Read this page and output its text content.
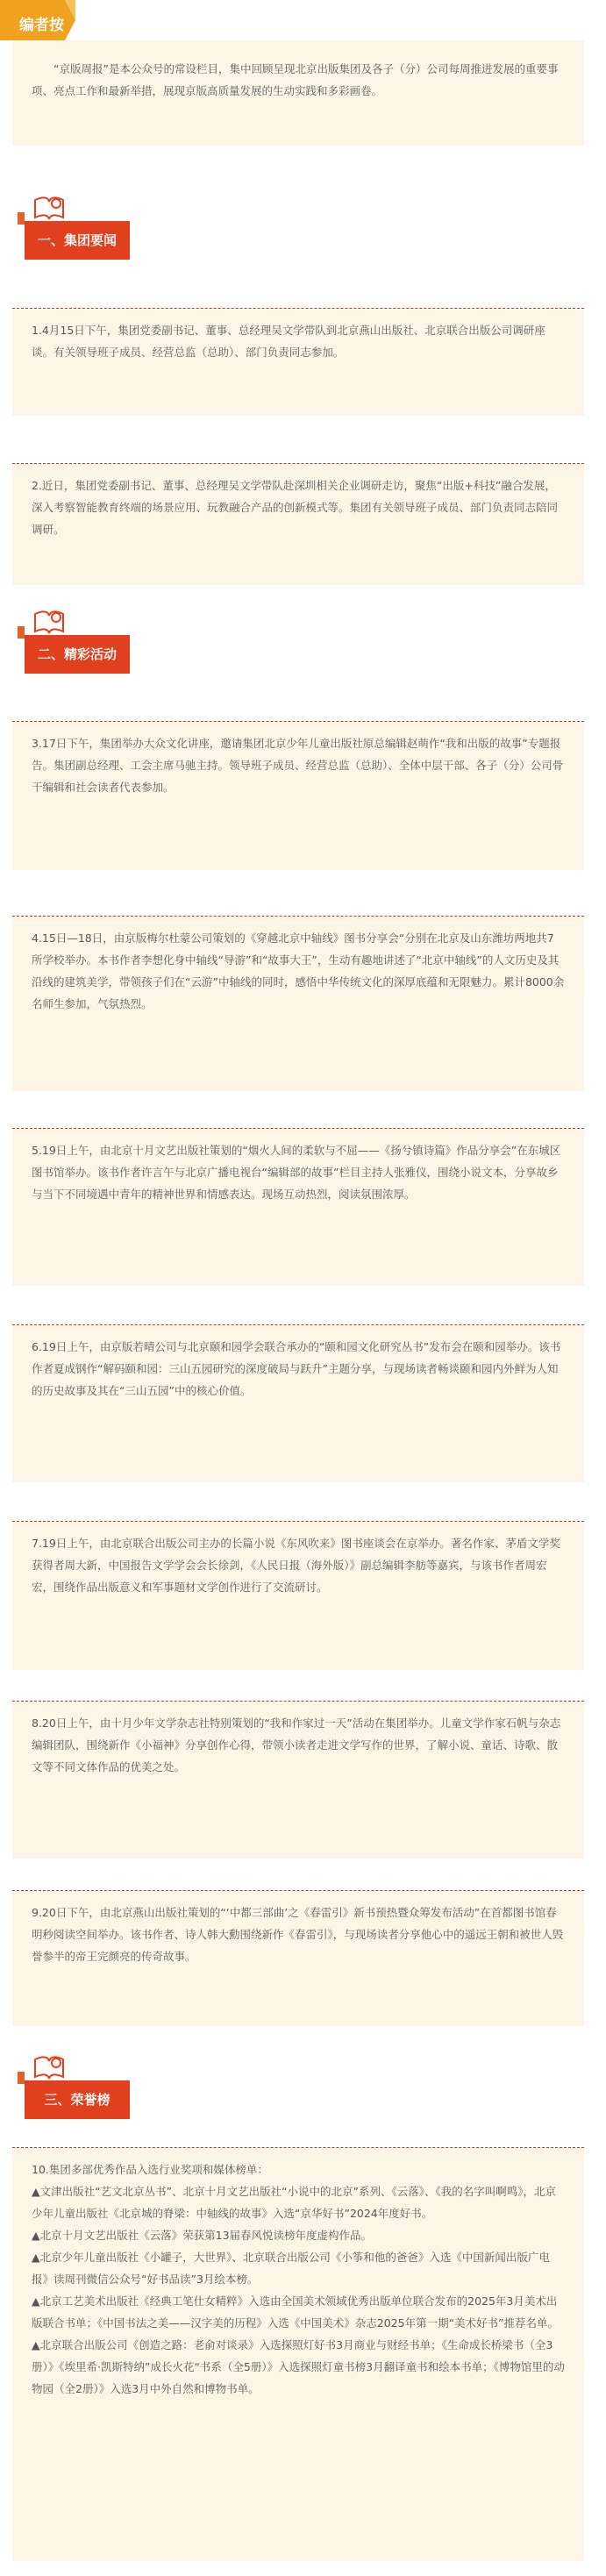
编者按
“京版周报”是本公众号的常设栏目，集中回顾呈现北京出版集团及各子（分）公司每周推进发展的重要事项、亮点工作和最新举措，展现京版高质量发展的生动实践和多彩画卷。
一、集团要闻

1.4月15日下午，集团党委副书记、董事、总经理吴文学带队到北京燕山出版社、北京联合出版公司调研座谈。有关领导班子成员、经营总监（总助）、部门负责同志参加。

2.近日，集团党委副书记、董事、总经理吴文学带队赴深圳相关企业调研走访，聚焦“出版+科技”融合发展，深入考察智能教育终端的场景应用、玩教融合产品的创新模式等。集团有关领导班子成员、部门负责同志陪同调研。

二、精彩活动

3.17日下午，集团举办大众文化讲座，邀请集团北京少年儿童出版社原总编辑赵萌作“我和出版的故事”专题报告。集团副总经理、工会主席马驰主持。领导班子成员、经营总监（总助）、全体中层干部、各子（分）公司骨干编辑和社会读者代表参加。

4.15日—18日，由京版梅尔杜蒙公司策划的《穿越北京中轴线》图书分享会“分别在北京及山东潍坊两地共7所学校举办。本书作者李想化身中轴线“导游”和“故事大王”，生动有趣地讲述了“北京中轴线”的人文历史及其沿线的建筑美学，带领孩子们在“云游”中轴线的同时，感悟中华传统文化的深厚底蕴和无限魅力。累计8000余名师生参加，气氛热烈。

5.19日上午，由北京十月文艺出版社策划的“烟火人间的柔软与不屈——《扬兮镇诗篇》作品分享会”在东城区图书馆举办。该书作者许言午与北京广播电视台“编辑部的故事”栏目主持人张雅仪，围绕小说文本，分享故乡与当下不同境遇中青年的精神世界和情感表达。现场互动热烈，阅读氛围浓厚。

6.19日上午，由京版若晴公司与北京颐和园学会联合承办的“颐和园文化研究丛书”发布会在颐和园举办。该书作者夏成钢作“解码颐和园：三山五园研究的深度破局与跃升”主题分享，与现场读者畅谈颐和园内外鲜为人知的历史故事及其在“三山五园”中的核心价值。

7.19日上午，由北京联合出版公司主办的长篇小说《东风吹来》图书座谈会在京举办。著名作家、茅盾文学奖获得者周大新，中国报告文学学会会长徐剑，《人民日报（海外版）》副总编辑李舫等嘉宾，与该书作者周宏宏，围绕作品出版意义和军事题材文学创作进行了交流研讨。

8.20日上午，由十月少年文学杂志社特别策划的“我和作家过一天”活动在集团举办。儿童文学作家石帆与杂志编辑团队，围绕新作《小福神》分享创作心得，带领小读者走进文学写作的世界，了解小说、童话、诗歌、散文等不同文体作品的优美之处。

9.20日下午，由北京燕山出版社策划的“‘中都三部曲’之《春雷引》新书预热暨众筹发布活动”在首都图书馆春明秒阅读空间举办。该书作者、诗人韩大勳围绕新作《春雷引》，与现场读者分享他心中的遥远王朝和被世人毁誉参半的帝王完颜亮的传奇故事。

三、荣誉榜

10.集团多部优秀作品入选行业奖项和媒体榜单：

▲文津出版社“艺文北京丛书”、北京十月文艺出版社“小说中的北京”系列、《云落》、《我的名字叫啊鸣》，北京少年儿童出版社《北京城的脊梁：中轴线的故事》入选“京华好书”2024年度好书。

▲北京十月文艺出版社《云落》荣获第13届春风悦读榜年度虚构作品。

▲北京少年儿童出版社《小罐子，大世界》、北京联合出版公司《小筝和他的爸爸》入选《中国新闻出版广电报》读周刊微信公众号“好书品读”3月绘本榜。

▲北京工艺美术出版社《经典工笔仕女精粹》入选由全国美术领域优秀出版单位联合发布的2025年3月美术出版联合书单；《中国书法之美——汉字美的历程》入选《中国美术》杂志2025年第一期“美术好书”推荐名单。

▲北京联合出版公司《创造之路：老俞对谈录》入选探照灯好书3月商业与财经书单；《生命成长桥梁书（全3册）》《埃里希·凯斯特纳”成长火花“书系（全5册）》入选探照灯童书榜3月翻译童书和绘本书单；《博物馆里的动物园（全2册）》入选3月中外自然和博物书单。
